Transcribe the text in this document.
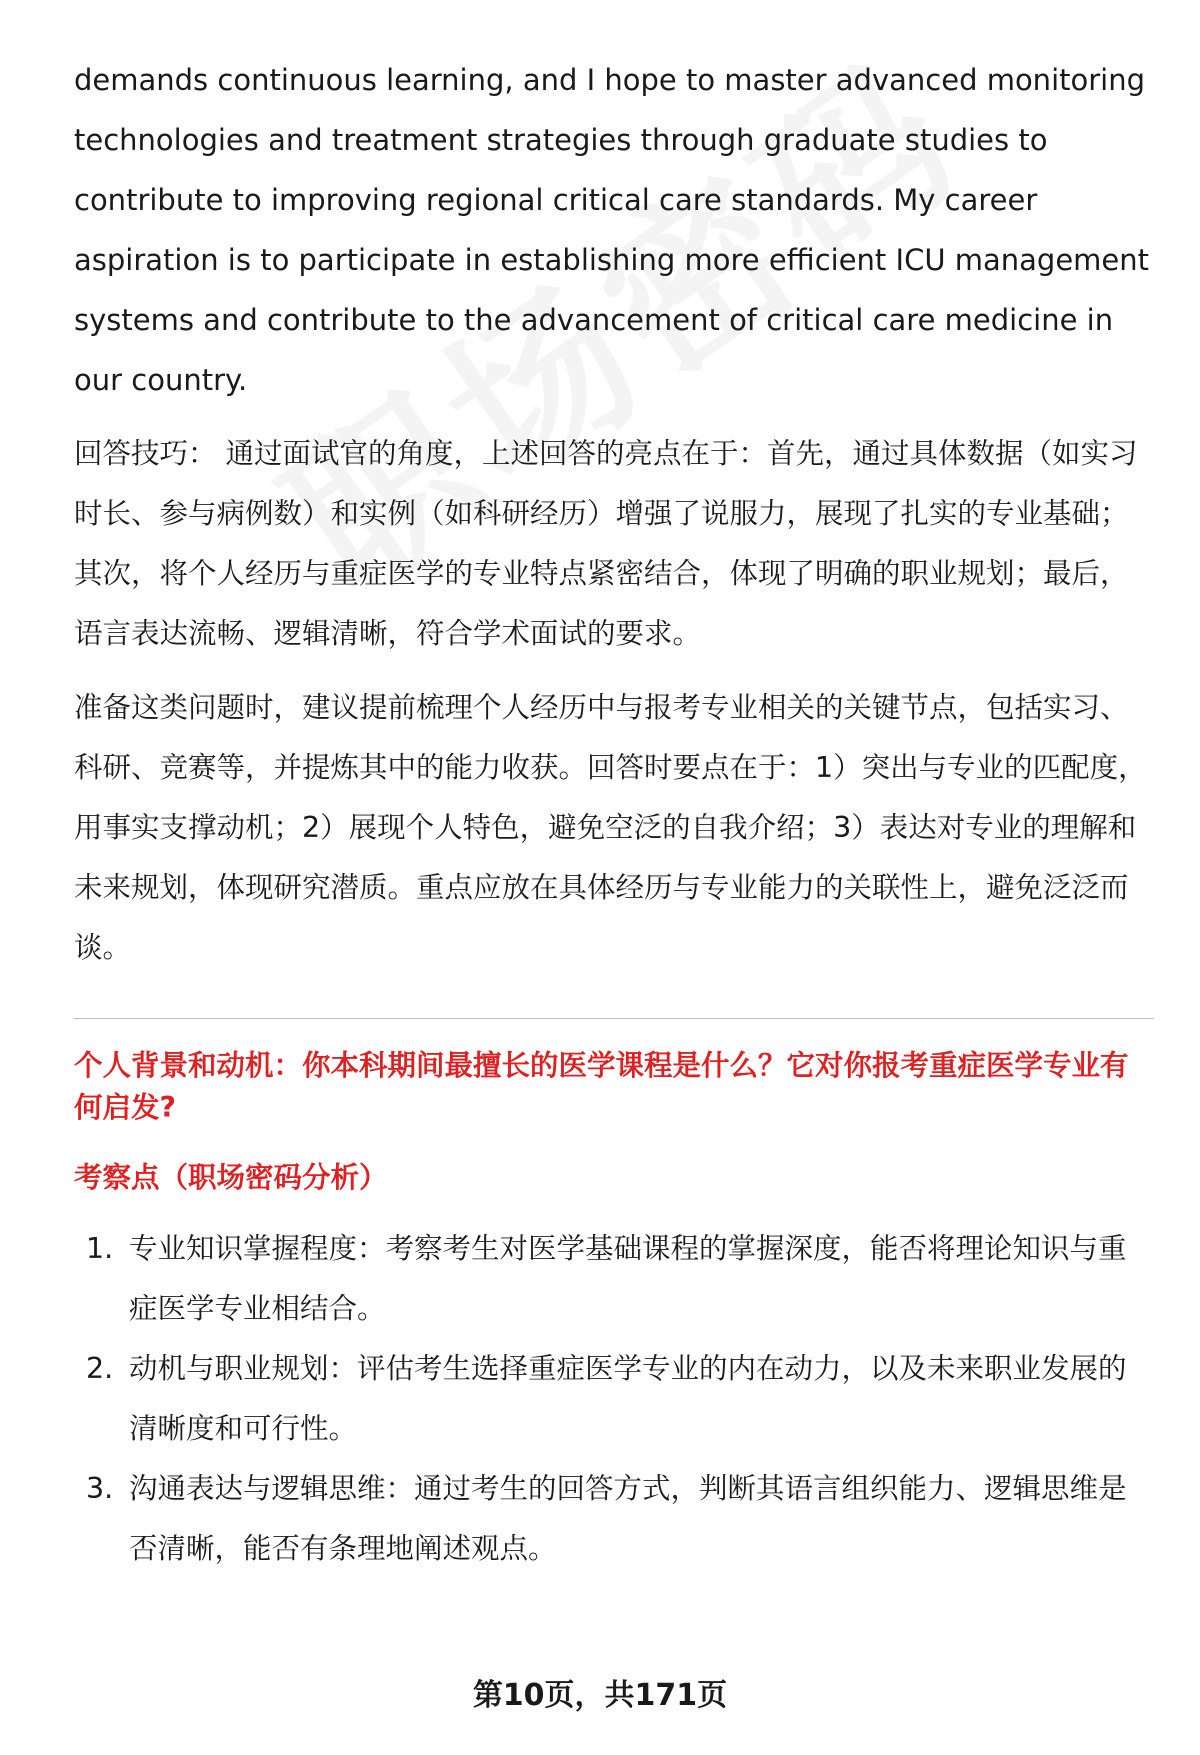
demands continuous learning, and I hope to master advanced monitoring technologies and treatment strategies through graduate studies to contribute to improving regional critical care standards. My career aspiration is to participate in establishing more efficient ICU management systems and contribute to the advancement of critical care medicine in our country.

回答技巧： 通过面试官的角度，上述回答的亮点在于：首先，通过具体数据（如实习时长、参与病例数）和实例（如科研经历）增强了说服力，展现了扎实的专业基础；其次，将个人经历与重症医学的专业特点紧密结合，体现了明确的职业规划；最后，语言表达流畅、逻辑清晰，符合学术面试的要求。

准备这类问题时，建议提前梳理个人经历中与报考专业相关的关键节点，包括实习、科研、竞赛等，并提炼其中的能力收获。回答时要点在于：1）突出与专业的匹配度，用事实支撑动机；2）展现个人特色，避免空泛的自我介绍；3）表达对专业的理解和未来规划，体现研究潜质。重点应放在具体经历与专业能力的关联性上，避免泛泛而谈。

个人背景和动机：你本科期间最擅长的医学课程是什么？它对你报考重症医学专业有何启发?

考察点（职场密码分析）

1. 专业知识掌握程度：考察考生对医学基础课程的掌握深度，能否将理论知识与重症医学专业相结合。
2. 动机与职业规划：评估考生选择重症医学专业的内在动力，以及未来职业发展的清晰度和可行性。
3. 沟通表达与逻辑思维：通过考生的回答方式，判断其语言组织能力、逻辑思维是否清晰，能否有条理地阐述观点。
第10页，共171页
